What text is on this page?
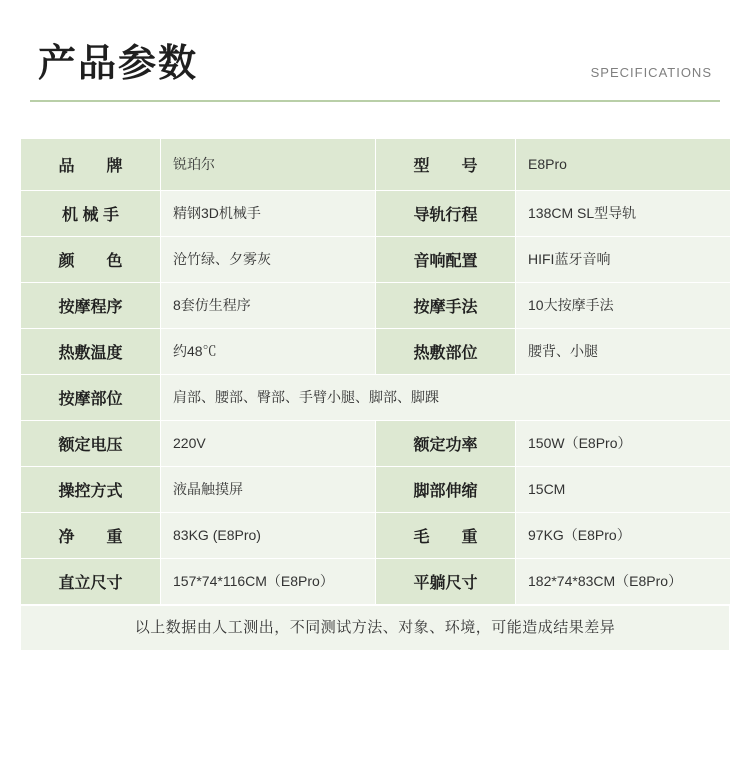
产品参数	SPECIFICATIONS
品　　牌	锐珀尔	型　　号	E8Pro
机 械 手	精钢3D机械手	导轨行程	138CM SL型导轨
颜　　色	沧竹绿、夕雾灰	音响配置	HIFI蓝牙音响
按摩程序	8套仿生程序	按摩手法	10大按摩手法
热敷温度	约48℃	热敷部位	腰背、小腿
按摩部位	肩部、腰部、臀部、手臂小腿、脚部、脚踝		
额定电压	220V	额定功率	150W（E8Pro）
操控方式	液晶触摸屏	脚部伸缩	15CM
净　　重	83KG (E8Pro)	毛　　重	97KG（E8Pro）
直立尺寸	157*74*116CM（E8Pro）	平躺尺寸	182*74*83CM（E8Pro）
以上数据由人工测出，不同测试方法、对象、环境，可能造成结果差异
